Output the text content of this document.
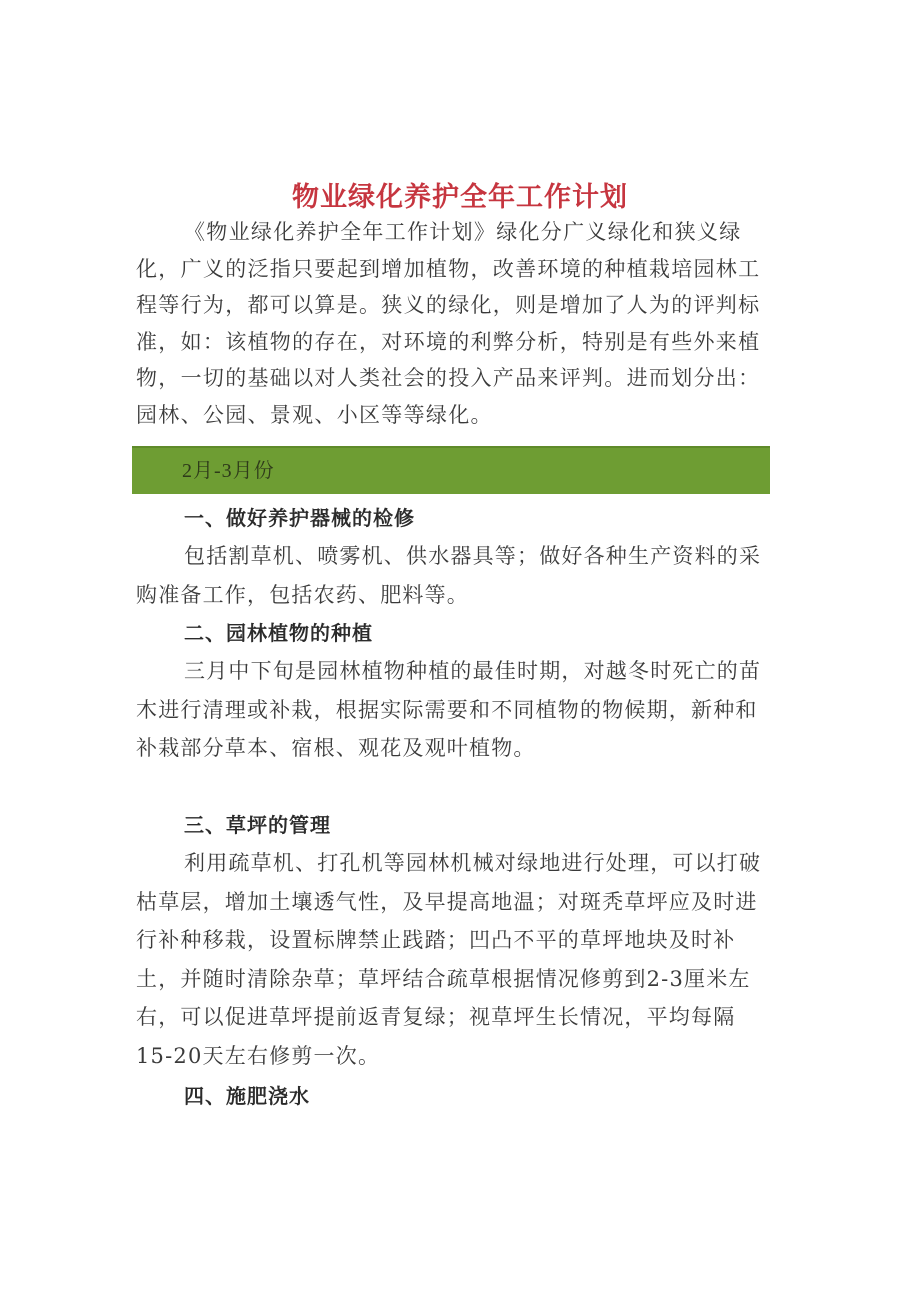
物业绿化养护全年工作计划

《物业绿化养护全年工作计划》绿化分广义绿化和狭义绿化，广义的泛指只要起到增加植物，改善环境的种植栽培园林工程等行为，都可以算是。狭义的绿化，则是增加了人为的评判标准，如：该植物的存在，对环境的利弊分析，特别是有些外来植物，一切的基础以对人类社会的投入产品来评判。进而划分出：园林、公园、景观、小区等等绿化。

2月-3月份
一、做好养护器械的检修

包括割草机、喷雾机、供水器具等；做好各种生产资料的采购准备工作，包括农药、肥料等。

二、园林植物的种植

三月中下旬是园林植物种植的最佳时期，对越冬时死亡的苗木进行清理或补栽，根据实际需要和不同植物的物候期，新种和补栽部分草本、宿根、观花及观叶植物。

三、草坪的管理

利用疏草机、打孔机等园林机械对绿地进行处理，可以打破枯草层，增加土壤透气性，及早提高地温；对斑秃草坪应及时进行补种移栽，设置标牌禁止践踏；凹凸不平的草坪地块及时补土，并随时清除杂草；草坪结合疏草根据情况修剪到2-3厘米左右，可以促进草坪提前返青复绿；视草坪生长情况，平均每隔15-20天左右修剪一次。

四、施肥浇水
